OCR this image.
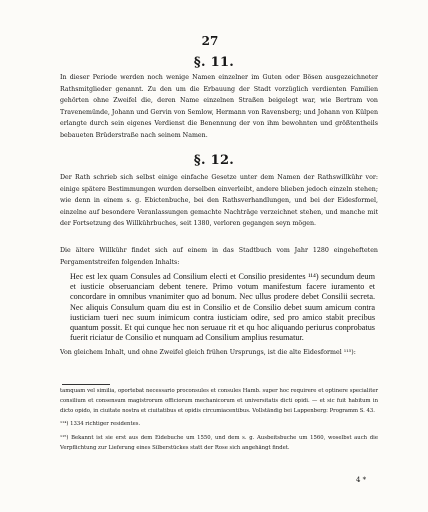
27
§. 11.
In dieser Periode werden noch wenige Namen einzelner im Guten oder Bösen ausgezeichneter Rathsmitglieder genannt. Zu den um die Erbauung der Stadt vorzüglich verdienten Familien gehörten ohne Zweifel die, deren Name einzelnen Straßen beigelegt war, wie Bertram von Travenemünde, Johann und Gervin von Semlow, Hermann von Ravensberg; und Johann von Külpen erlangte durch sein eigenes Verdienst die Benennung der von ihm bewohnten und größtentheils bebaueten Brüderstraße nach seinem Namen.
§. 12.
Der Rath schrieb sich selbst einige einfache Gesetze unter dem Namen der Rathswillkühr vor: einige spätere Bestimmungen wurden derselben einverleibt, andere blieben jedoch einzeln stehen; wie denn in einem s. g. Ebictenbuche, bei den Rathsverhandlungen, und bei der Eidesformel, einzelne auf besondere Veranlassungen gemachte Nachträge verzeichnet stehen, und manche mit der Fortsetzung des Willkührbuches, seit 1380, verloren gegangen seyn mögen.
Die ältere Willkühr findet sich auf einem in das Stadtbuch vom Jahr 1280 eingehefteten Pergamentstreifen folgenden Inhalts:
Hec est lex quam Consules ad Consilium electi et Consilio presidentes ¹¹⁴) secundum deum et iusticie obseruanciam debent tenere. Primo votum manifestum facere iuramento et concordare in omnibus vnanimiter quo ad bonum. Nec ullus prodere debet Consilii secreta. Nec aliquis Consulum quam diu est in Consilio et de Consilio debet suum amicum contra iusticiam tueri nec suum inimicum contra iusticiam odire, sed pro amico stabit precibus quantum possit. Et qui cunque hec non seruaue rit et qu hoc aliquando periurus conprobatus fuerit riciatur de Consilio et nunquam ad Consilium amplius resumatur.
Von gleichem Inhalt, und ohne Zweifel gleich frühen Ursprungs, ist die alte Eidesformel ¹¹⁵):
tamquam vel similia, oportebat necessario proconsules et consules Hamb. super hoc requirere et optinere specialiter consilium et consensum magistrorum officiorum mechanicorum et universitatis dicti opidi. — et sic fuit habitum in dicto opido, in ciuitate nostra et ciuitatibus et opidis circumiacentibus. Vollständig bei Lappenberg: Programm S. 43.
¹¹⁴) 1334 richtiger residentes.
¹¹⁵) Bekannt ist sie erst aus dem Eidebuche um 1550, und dem s. g. Ausbeitsbuche um 1560, woselbst auch die Verpflichtung zur Lieferung eines Silberstückes statt der Rose sich angehängt findet.
4 *
